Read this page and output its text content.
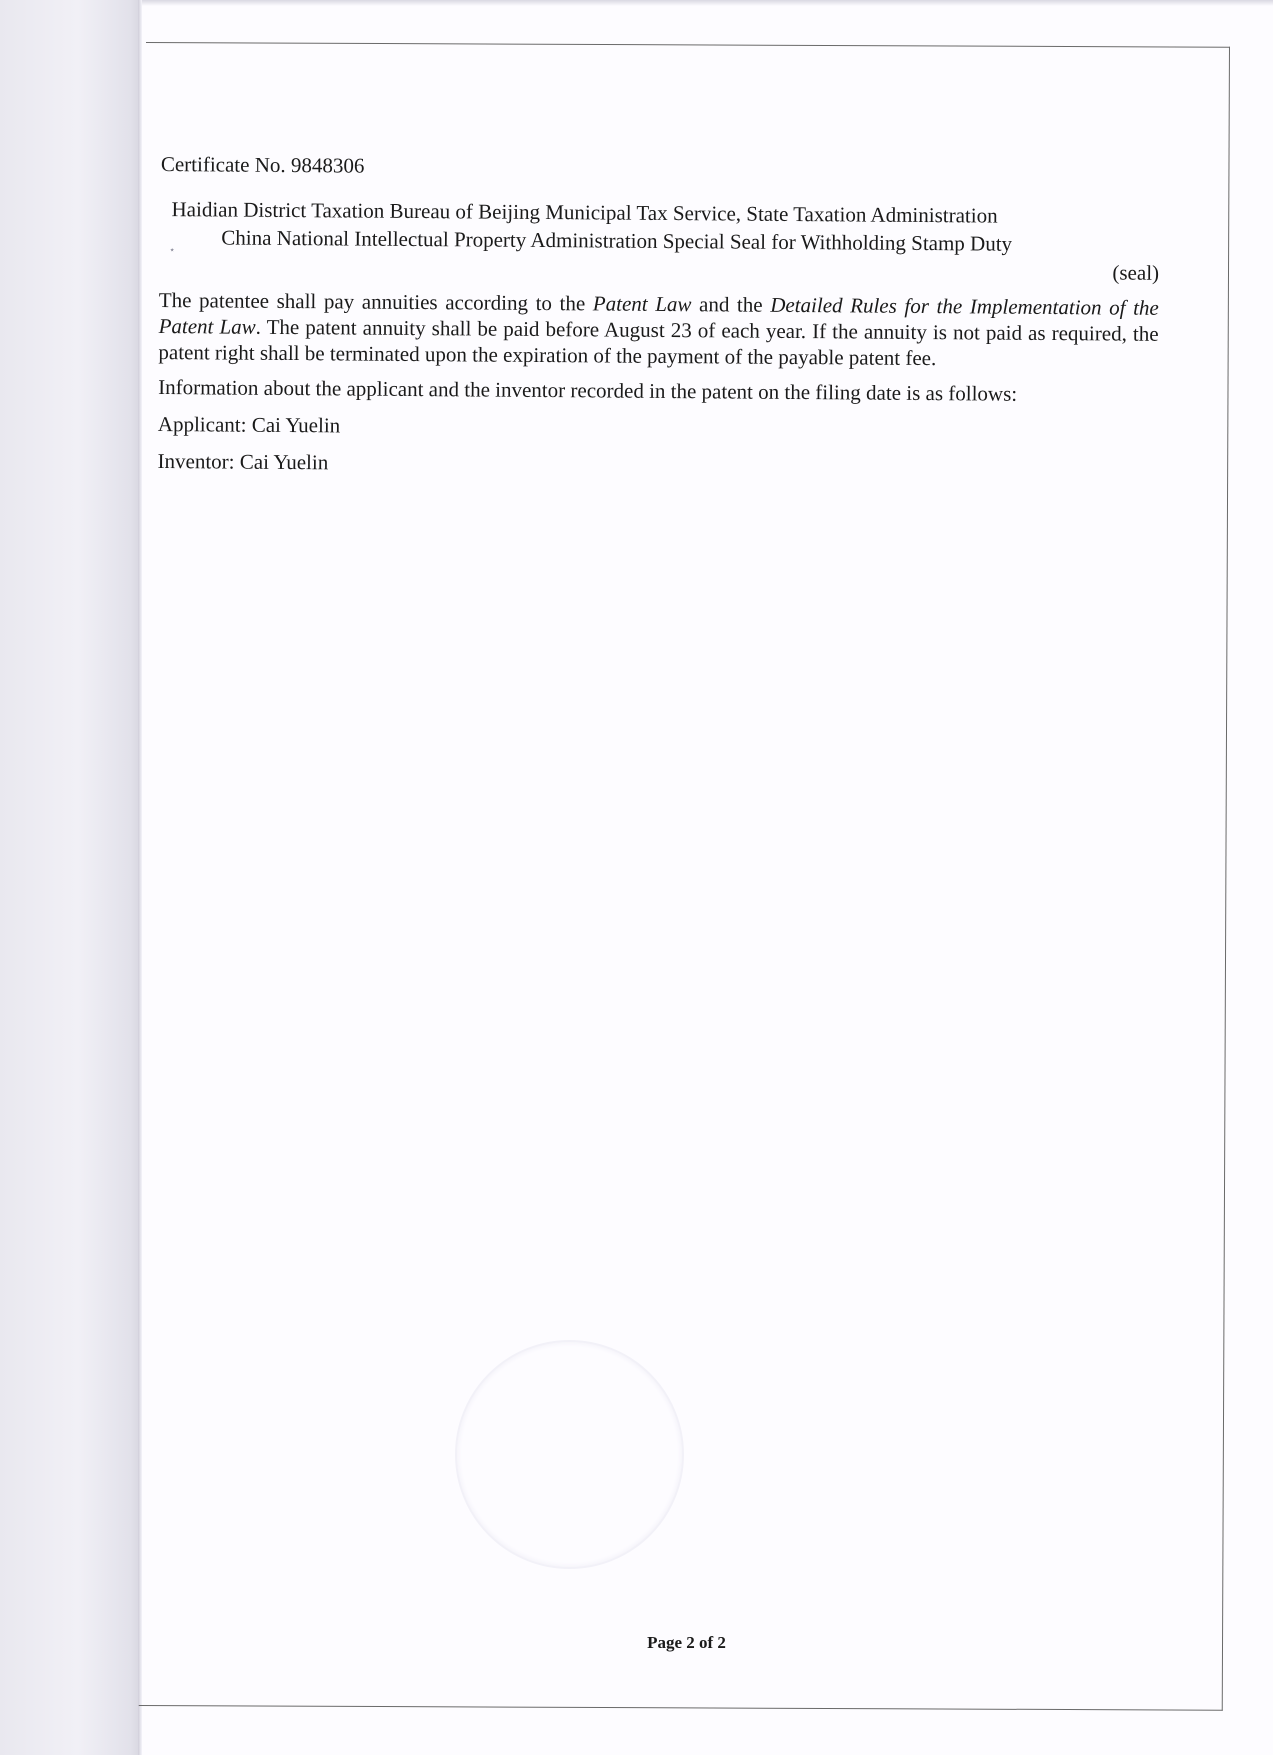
⋆
Certificate No. 9848306
Haidian District Taxation Bureau of Beijing Municipal Tax Service, State Taxation Administration
China National Intellectual Property Administration Special Seal for Withholding Stamp Duty
(seal)

The patentee shall pay annuities according to the Patent Law and the Detailed Rules for the Implementation of the Patent Law. The patent annuity shall be paid before August 23 of each year. If the annuity is not paid as required, the patent right shall be terminated upon the expiration of the payment of the payable patent fee.

Information about the applicant and the inventor recorded in the patent on the filing date is as follows:
Applicant: Cai Yuelin
Inventor: Cai Yuelin
Page 2 of 2
